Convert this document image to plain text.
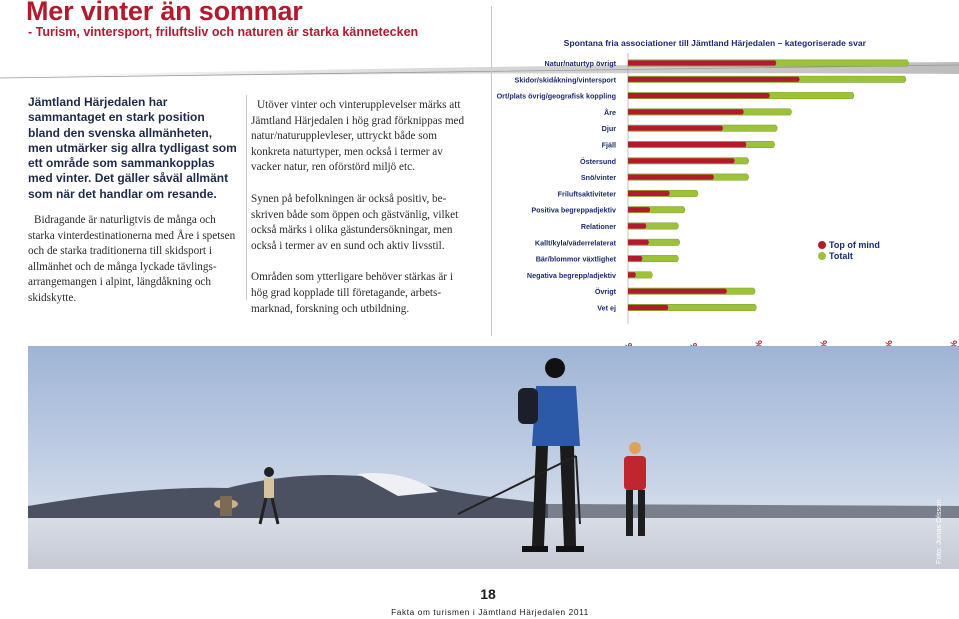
Mer vinter än sommar
- Turism, vintersport, friluftsliv och naturen är starka kännetecken
Jämtland Härjedalen har sammantaget en stark position bland den svenska allmänheten, men utmärker sig allra tydligast som ett område som sammankopplas med vinter. Det gäller såväl allmänt som när det handlar om resande.

Bidragande är naturligtvis de många och starka vinterdestinationerna med Åre i spetsen och de starka traditionerna till skidsport i allmänhet och de många lyckade tävlingsarrangemangen i alpint, längdåkning och skidskytte.

Utöver vinter och vinterupplevelser märks att Jämtland Härjedalen i hög grad förknippas med natur/naturupplevleser, uttryckt både som konkreta naturtyper, men också i termer av vacker natur, ren oförstörd miljö etc.

Synen på befolkningen är också positiv, beskriven både som öppen och gästvänlig, vilket också märks i olika gästundersökningar, men också i termer av en sund och aktiv livsstil.

Områden som ytterligare behöver stärkas är i hög grad kopplade till företagande, arbetsmarknad, forskning och utbildning.

Spontana fria associationer till Jämtland Härjedalen – kategoriserade svar
Natur/naturtyp övrigt
Skidor/skidåkning/vintersport
Ort/plats övrig/geografisk koppling
Åre
Djur
Fjäll
Östersund
Snö/vinter
Friluftsaktiviteter
Positiva begreppadjektiv
Relationer
Kallt/kyla/väderrelaterat
Bär/blommor växtlighet
Negativa begrepp/adjektiv
Övrigt
Vet ej
Top of mind
Totalt
Foto: Jonas Olsson
18
Fakta om turismen i Jämtland Härjedalen 2011
